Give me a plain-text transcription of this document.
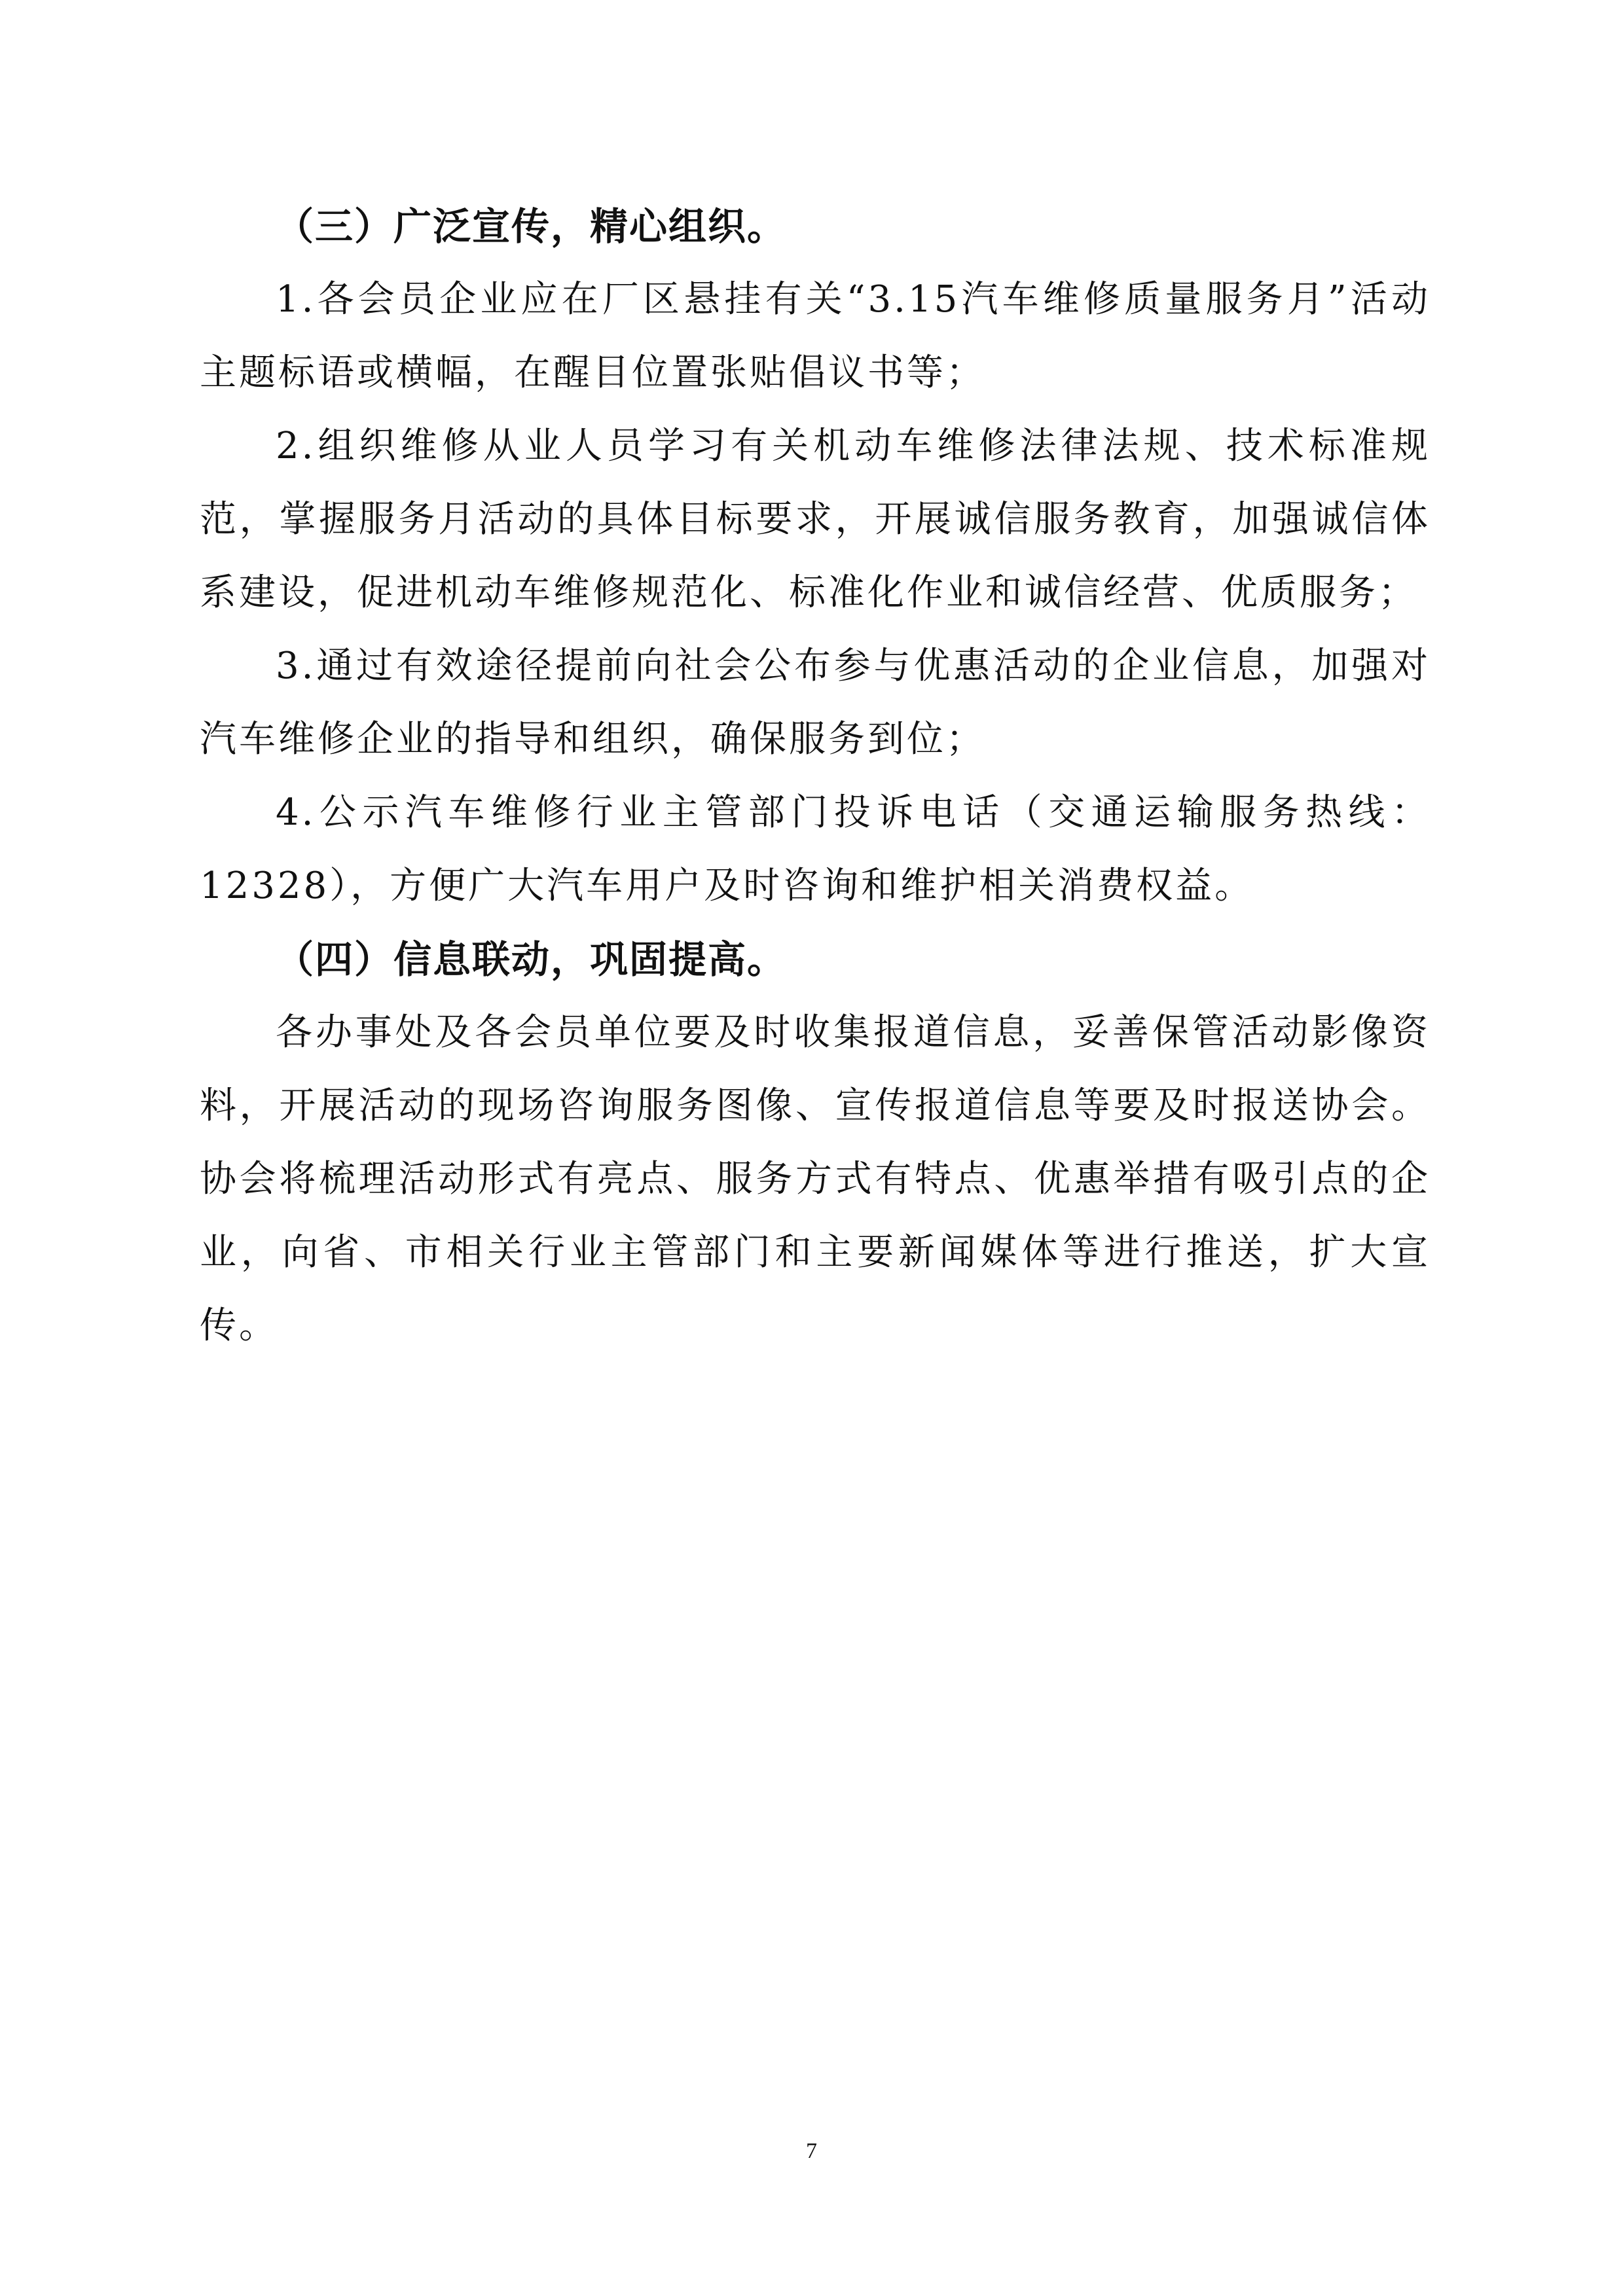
（三）广泛宣传，精心组织。

1.各会员企业应在厂区悬挂有关“3.15汽车维修质量服务月”活动主题标语或横幅，在醒目位置张贴倡议书等；

2.组织维修从业人员学习有关机动车维修法律法规、技术标准规范，掌握服务月活动的具体目标要求，开展诚信服务教育，加强诚信体系建设，促进机动车维修规范化、标准化作业和诚信经营、优质服务；

3.通过有效途径提前向社会公布参与优惠活动的企业信息，加强对汽车维修企业的指导和组织，确保服务到位；

4.公示汽车维修行业主管部门投诉电话（交通运输服务热线：12328），方便广大汽车用户及时咨询和维护相关消费权益。

（四）信息联动，巩固提高。

各办事处及各会员单位要及时收集报道信息，妥善保管活动影像资料，开展活动的现场咨询服务图像、宣传报道信息等要及时报送协会。协会将梳理活动形式有亮点、服务方式有特点、优惠举措有吸引点的企业，向省、市相关行业主管部门和主要新闻媒体等进行推送，扩大宣传。

7
